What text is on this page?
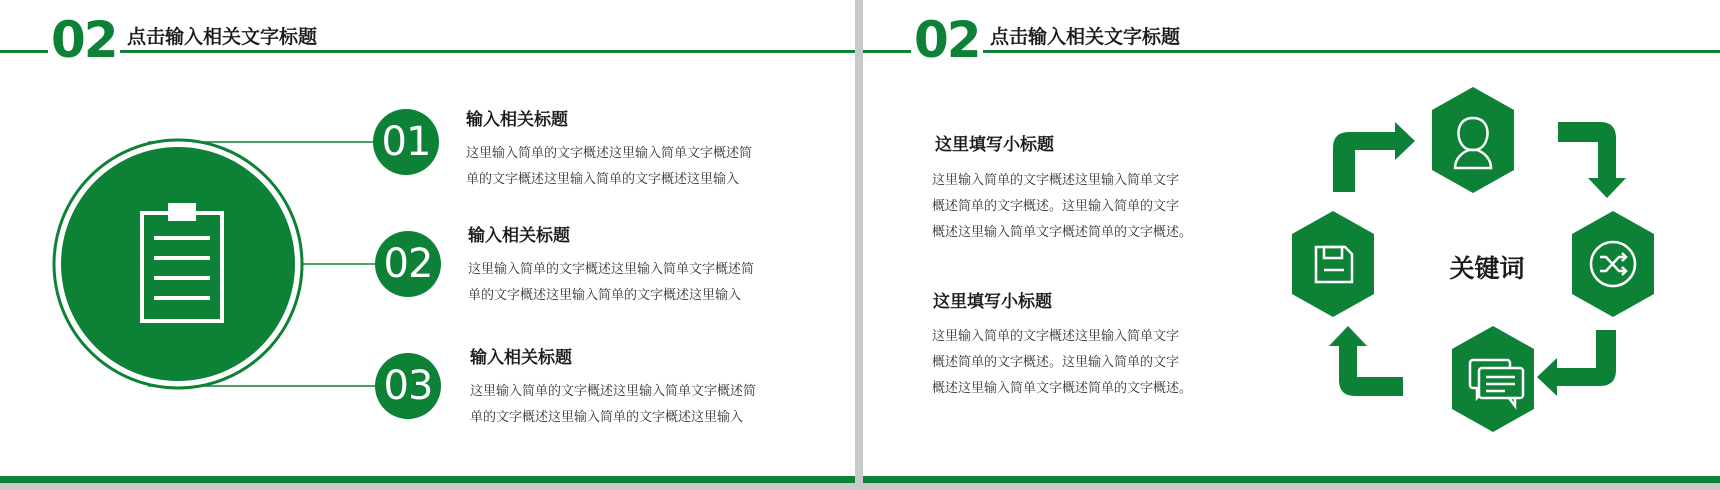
02 点击输入相关文字标题
01
02
03
输入相关标题
这里输入简单的文字概述这里输入简单文字概述简
单的文字概述这里输入简单的文字概述这里输入
输入相关标题
这里输入简单的文字概述这里输入简单文字概述简
单的文字概述这里输入简单的文字概述这里输入
输入相关标题
这里输入简单的文字概述这里输入简单文字概述简
单的文字概述这里输入简单的文字概述这里输入
02 点击输入相关文字标题
这里填写小标题
这里输入简单的文字概述这里输入简单文字
概述简单的文字概述。这里输入简单的文字
概述这里输入简单文字概述简单的文字概述。
这里填写小标题
这里输入简单的文字概述这里输入简单文字
概述简单的文字概述。这里输入简单的文字
概述这里输入简单文字概述简单的文字概述。
关键词
